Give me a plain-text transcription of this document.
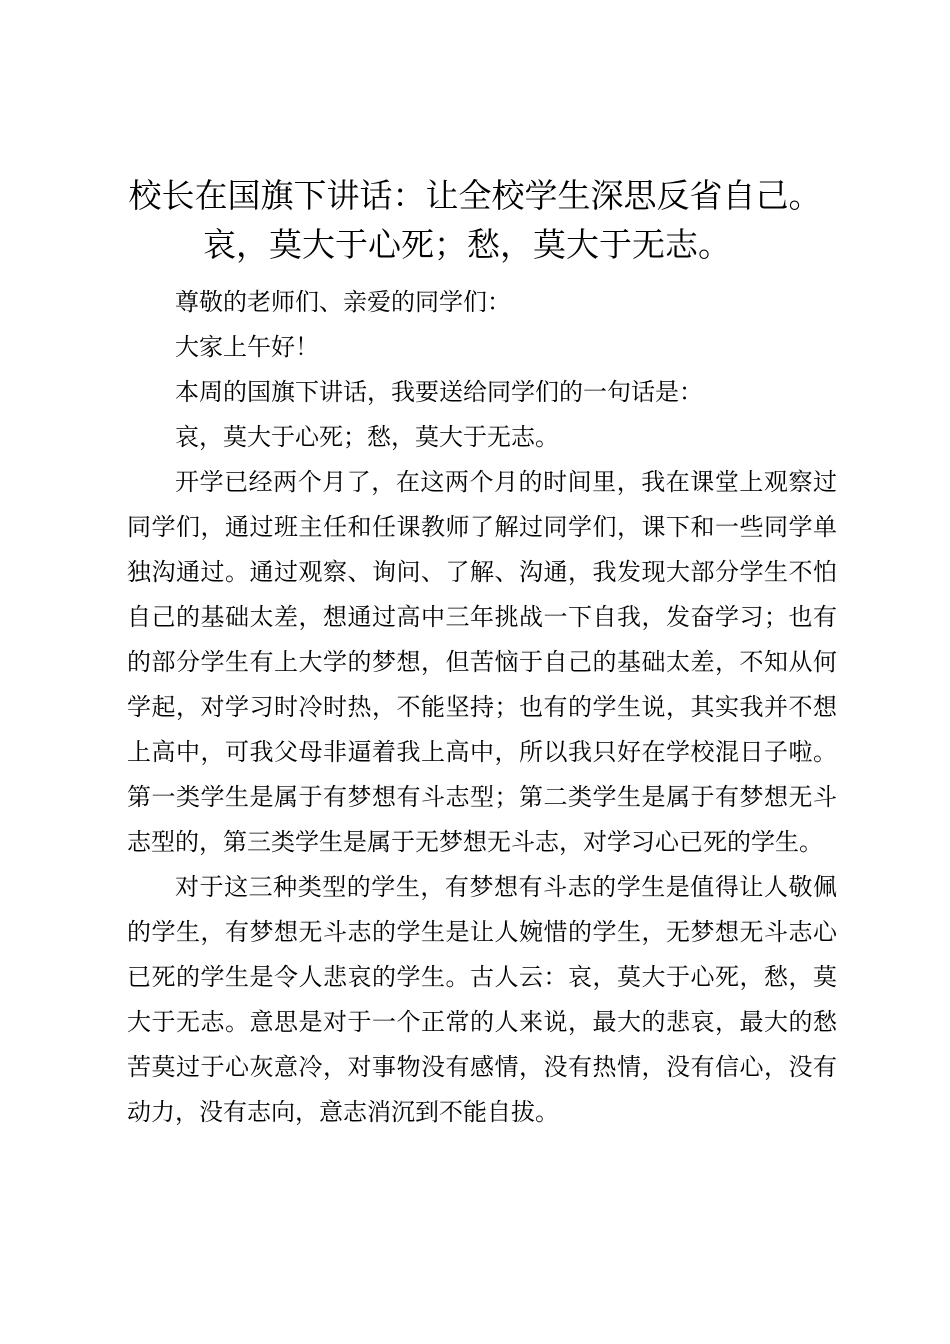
校长在国旗下讲话：让全校学生深思反省自己。
哀，莫大于心死；愁，莫大于无志。

尊敬的老师们、亲爱的同学们：

大家上午好！

本周的国旗下讲话，我要送给同学们的一句话是：

哀，莫大于心死；愁，莫大于无志。

开学已经两个月了，在这两个月的时间里，我在课堂上观察过同学们，通过班主任和任课教师了解过同学们，课下和一些同学单独沟通过。通过观察、询问、了解、沟通，我发现大部分学生不怕自己的基础太差，想通过高中三年挑战一下自我，发奋学习；也有的部分学生有上大学的梦想，但苦恼于自己的基础太差，不知从何学起，对学习时冷时热，不能坚持；也有的学生说，其实我并不想上高中，可我父母非逼着我上高中，所以我只好在学校混日子啦。第一类学生是属于有梦想有斗志型；第二类学生是属于有梦想无斗志型的，第三类学生是属于无梦想无斗志，对学习心已死的学生。

对于这三种类型的学生，有梦想有斗志的学生是值得让人敬佩的学生，有梦想无斗志的学生是让人婉惜的学生，无梦想无斗志心已死的学生是令人悲哀的学生。古人云：哀，莫大于心死，愁，莫大于无志。意思是对于一个正常的人来说，最大的悲哀，最大的愁苦莫过于心灰意冷，对事物没有感情，没有热情，没有信心，没有动力，没有志向，意志消沉到不能自拔。
